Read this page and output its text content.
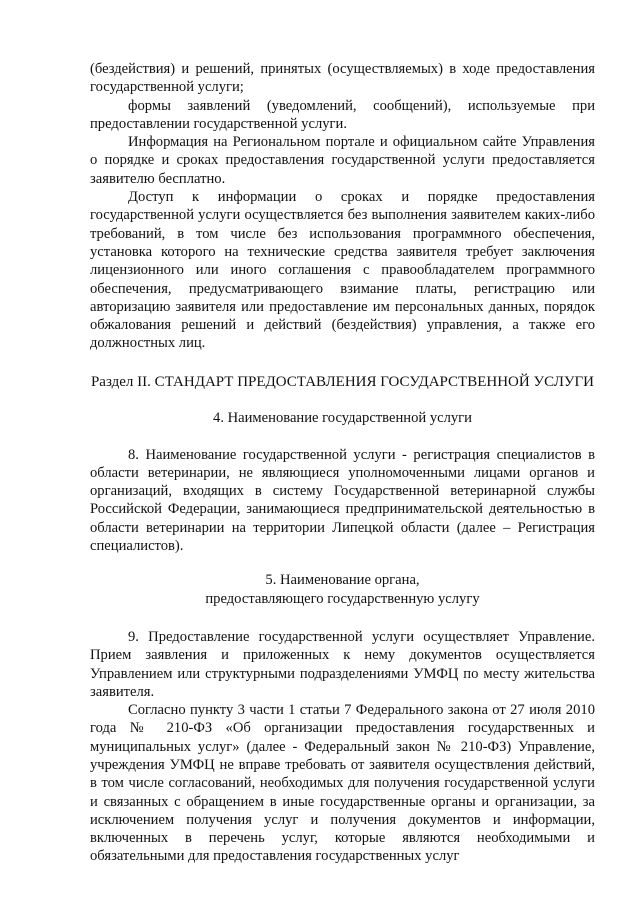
(бездействия) и решений, принятых (осуществляемых) в ходе предоставления государственной услуги;

формы заявлений (уведомлений, сообщений), используемые при предоставлении государственной услуги.

Информация на Региональном портале и официальном сайте Управления о порядке и сроках предоставления государственной услуги предоставляется заявителю бесплатно.

Доступ к информации о сроках и порядке предоставления государственной услуги осуществляется без выполнения заявителем каких-либо требований, в том числе без использования программного обеспечения, установка которого на технические средства заявителя требует заключения лицензионного или иного соглашения с правообладателем программного обеспечения, предусматривающего взимание платы, регистрацию или авторизацию заявителя или предоставление им персональных данных, порядок обжалования решений и действий (бездействия) управления, а также его должностных лиц.

Раздел II. СТАНДАРТ ПРЕДОСТАВЛЕНИЯ ГОСУДАРСТВЕННОЙ УСЛУГИ

4. Наименование государственной услуги

8. Наименование государственной услуги - регистрация специалистов в области ветеринарии, не являющиеся уполномоченными лицами органов и организаций, входящих в систему Государственной ветеринарной службы Российской Федерации, занимающиеся предпринимательской деятельностью в области ветеринарии на территории Липецкой области (далее – Регистрация специалистов).

5. Наименование органа,

предоставляющего государственную услугу

9. Предоставление государственной услуги осуществляет Управление. Прием заявления и приложенных к нему документов осуществляется Управлением или структурными подразделениями УМФЦ по месту жительства заявителя.

Согласно пункту 3 части 1 статьи 7 Федерального закона от 27 июля 2010 года № 210-ФЗ «Об организации предоставления государственных и муниципальных услуг» (далее - Федеральный закон № 210-ФЗ) Управление, учреждения УМФЦ не вправе требовать от заявителя осуществления действий, в том числе согласований, необходимых для получения государственной услуги и связанных с обращением в иные государственные органы и организации, за исключением получения услуг и получения документов и информации, включенных в перечень услуг, которые являются необходимыми и обязательными для предоставления государственных услуг
